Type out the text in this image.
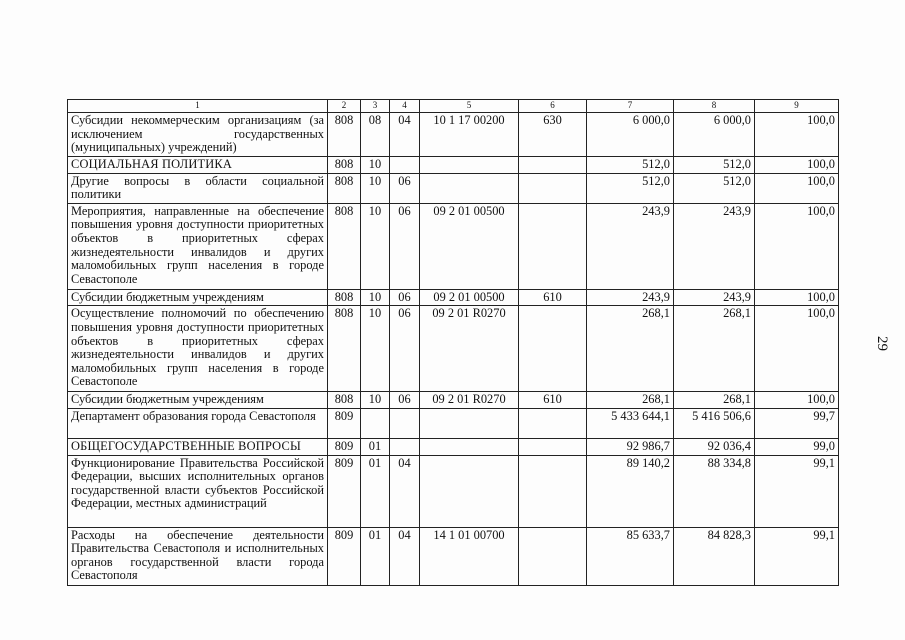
1	2	3	4	5	6	7	8	9
Субсидии некоммерческим организациям (за исключением государственных (муниципальных) учреждений)	808	08	04	10 1 17 00200	630	6 000,0	6 000,0	100,0
СОЦИАЛЬНАЯ ПОЛИТИКА	808	10				512,0	512,0	100,0
Другие вопросы в области социальной политики	808	10	06			512,0	512,0	100,0
Мероприятия, направленные на обеспечение повышения уровня доступности приоритетных объектов в приоритетных сферах жизнедеятельности инвалидов и других маломобильных групп населения в городе Севастополе	808	10	06	09 2 01 00500		243,9	243,9	100,0
Субсидии бюджетным учреждениям	808	10	06	09 2 01 00500	610	243,9	243,9	100,0
Осуществление полномочий по обеспечению повышения уровня доступности приоритетных объектов в приоритетных сферах жизнедеятельности инвалидов и других маломобильных групп населения в городе Севастополе	808	10	06	09 2 01 R0270		268,1	268,1	100,0
Субсидии бюджетным учреждениям	808	10	06	09 2 01 R0270	610	268,1	268,1	100,0
Департамент образования города Севастополя	809					5 433 644,1	5 416 506,6	99,7
ОБЩЕГОСУДАРСТВЕННЫЕ ВОПРОСЫ	809	01				92 986,7	92 036,4	99,0
Функционирование Правительства Российской Федерации, высших исполнительных органов государственной власти субъектов Российской Федерации, местных администраций	809	01	04			89 140,2	88 334,8	99,1
Расходы на обеспечение деятельности Правительства Севастополя и исполнительных органов государственной власти города Севастополя	809	01	04	14 1 01 00700		85 633,7	84 828,3	99,1
29
